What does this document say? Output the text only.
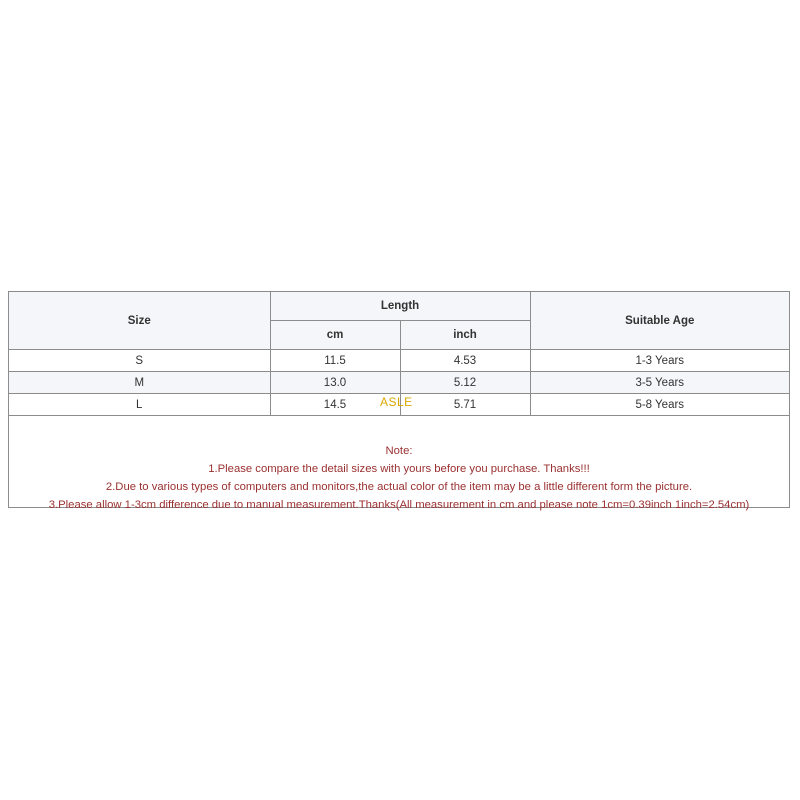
Size	Length		Suitable Age
	cm	inch	
S	11.5	4.53	1-3 Years
M	13.0	5.12	3-5 Years
L	14.5	5.71	5-8 Years
Note:
1.Please compare the detail sizes with yours before you purchase. Thanks!!!
2.Due to various types of computers and monitors,the actual color of the item may be a little different form the picture.
3.Please allow 1-3cm difference due to manual measurement.Thanks(All measurement in cm and please note 1cm=0.39inch 1inch=2.54cm)
ASLE
